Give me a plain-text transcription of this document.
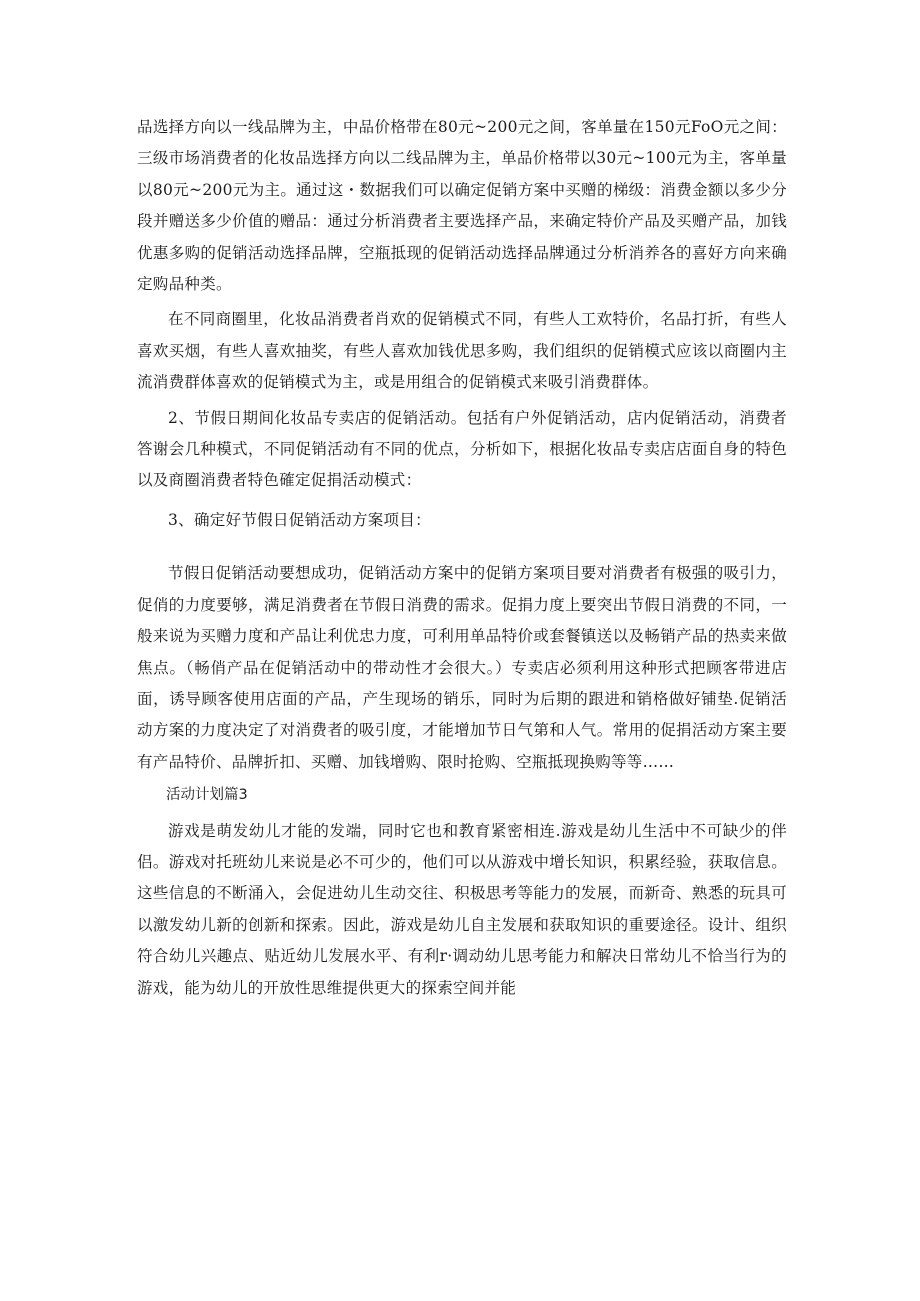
品选择方向以一线品牌为主，中品价格带在80元~200元之间，客单量在150元FoO元之间：三级市场消费者的化妆品选择方向以二线品牌为主，单品价格带以30元~100元为主，客单量以80元~200元为主。通过这・数据我们可以确定促销方案中买赠的梯级：消费金额以多少分段并赠送多少价值的赠品：通过分析消费者主要选择产品，来确定特价产品及买赠产品，加钱优惠多购的促销活动选择品牌，空瓶抵现的促销活动选择品牌通过分析消养各的喜好方向来确定购品种类。

在不同商圈里，化妆品消费者肖欢的促销模式不同，有些人工欢特价，名品打折，有些人喜欢买烟，有些人喜欢抽奖，有些人喜欢加钱优思多购，我们组织的促销模式应该以商圈内主流消费群体喜欢的促销模式为主，或是用组合的促销模式来吸引消费群体。

2、节假日期间化妆品专卖店的促销活动。包括有户外促销活动，店内促销活动，消费者答谢会几种模式，不同促销活动有不同的优点，分析如下，根据化妆品专卖店店面自身的特色以及商圈消费者特色確定促捐活动模式：

3、确定好节假日促销活动方案项目：

节假日促销活动要想成功，促销活动方案中的促销方案项目要对消费者有极强的吸引力，促俏的力度要够，满足消费者在节假日消费的需求。促捐力度上要突出节假日消费的不同，一般来说为买赠力度和产品让利优忠力度，可利用单品特价或套餐镇送以及畅销产品的热卖来做焦点。（畅俏产品在促销活动中的带动性才会很大。）专卖店必须利用这种形式把顾客带进店面，诱导顾客使用店面的产品，产生现场的销乐，同时为后期的跟进和销格做好铺垫.促销活动方案的力度决定了对消费者的吸引度，才能增加节日气第和人气。常用的促捐活动方案主要有产品特价、品牌折扣、买赠、加钱增购、限时抢购、空瓶抵现换购等等……

活动计划篇3

游戏是萌发幼儿才能的发端，同时它也和教育紧密相连.游戏是幼儿生活中不可缺少的伴侣。游戏对托班幼儿来说是必不可少的，他们可以从游戏中增长知识，积累经验，获取信息。这些信息的不断涌入，会促进幼儿生动交往、积极思考等能力的发展，而新奇、熟悉的玩具可以激发幼儿新的创新和探索。因此，游戏是幼儿自主发展和获取知识的重要途径。设计、组织符合幼儿兴趣点、贴近幼儿发展水平、有利r·调动幼儿思考能力和解决日常幼儿不恰当行为的游戏，能为幼儿的开放性思维提供更大的探索空间并能
